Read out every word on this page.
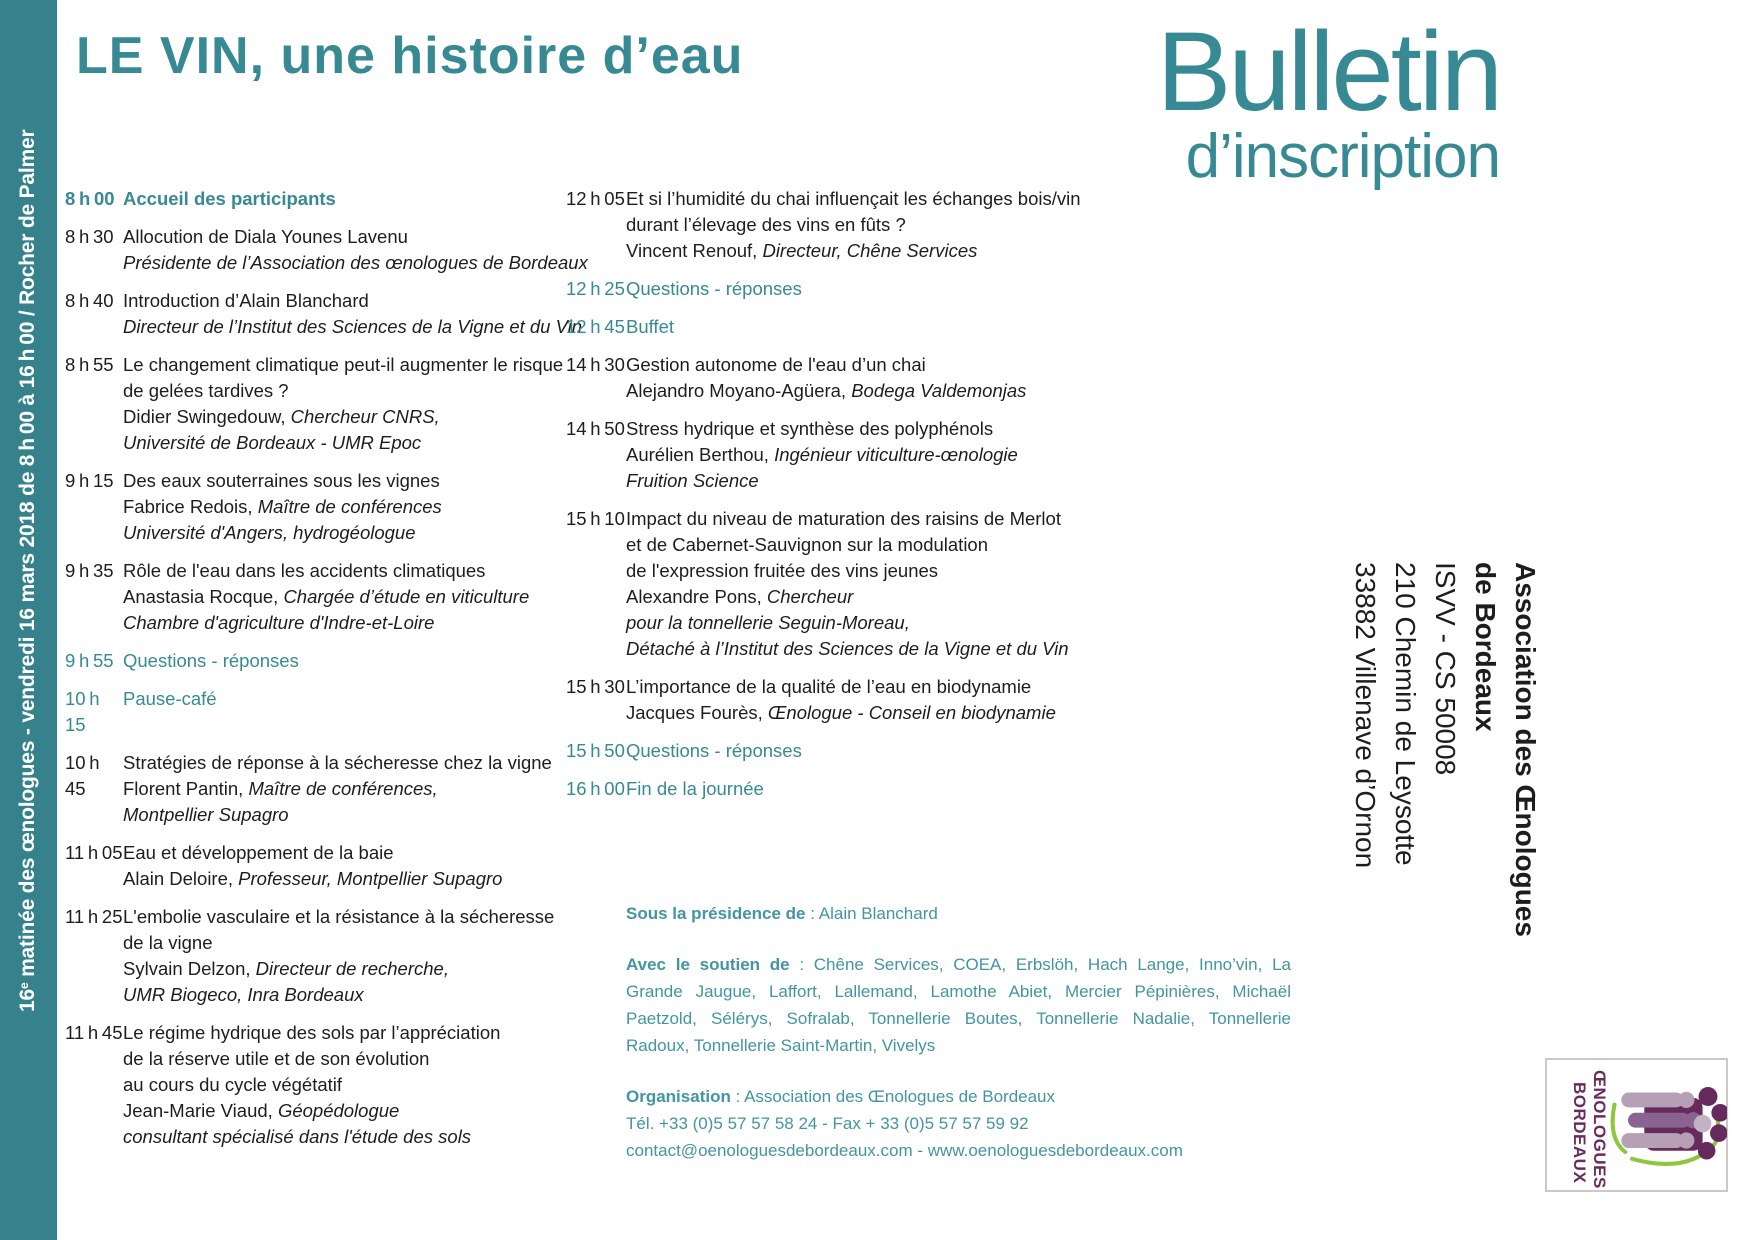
16e matinée des œnologues - vendredi 16 mars 2018 de 8 h 00 à 16 h 00 / Rocher de Palmer
LE VIN, une histoire d’eau	Bulletin
d’inscription
8 h 00 Accueil des participants
8 h 30 Allocution de Diala Younes Lavenu
Présidente de l’Association des œnologues de Bordeaux
8 h 40 Introduction d’Alain Blanchard
Directeur de l’Institut des Sciences de la Vigne et du Vin
8 h 55 Le changement climatique peut-il augmenter le risque
de gelées tardives ?
Didier Swingedouw, Chercheur CNRS,
Université de Bordeaux - UMR Epoc
9 h 15 Des eaux souterraines sous les vignes
Fabrice Redois, Maître de conférences
Université d'Angers, hydrogéologue
9 h 35 Rôle de l'eau dans les accidents climatiques
Anastasia Rocque, Chargée d’étude en viticulture
Chambre d'agriculture d'Indre-et-Loire
9 h 55 Questions - réponses
10 h 15
Pause-café
10 h 45
Stratégies de réponse à la sécheresse chez la vigne
Florent Pantin, Maître de conférences,
Montpellier Supagro
11 h 05 Eau et développement de la baie
Alain Deloire, Professeur, Montpellier Supagro
11 h 25 L'embolie vasculaire et la résistance à la sécheresse
de la vigne
Sylvain Delzon, Directeur de recherche,
UMR Biogeco, Inra Bordeaux
11 h 45 Le régime hydrique des sols par l’appréciation
de la réserve utile et de son évolution
au cours du cycle végétatif
Jean-Marie Viaud, Géopédologue
consultant spécialisé dans l'étude des sols
12 h 05 Et si l’humidité du chai influençait les échanges bois/vin
durant l’élevage des vins en fûts ?
Vincent Renouf, Directeur, Chêne Services
12 h 25 Questions - réponses
12 h 45 Buffet
14 h 30 Gestion autonome de l'eau d’un chai
Alejandro Moyano-Agüera, Bodega Valdemonjas
14 h 50 Stress hydrique et synthèse des polyphénols
Aurélien Berthou, Ingénieur viticulture-œnologie
Fruition Science
15 h 10 Impact du niveau de maturation des raisins de Merlot
et de Cabernet-Sauvignon sur la modulation
de l'expression fruitée des vins jeunes
Alexandre Pons, Chercheur
pour la tonnellerie Seguin-Moreau,
Détaché à l’Institut des Sciences de la Vigne et du Vin
15 h 30 L’importance de la qualité de l’eau en biodynamie
Jacques Fourès, Œnologue - Conseil en biodynamie
15 h 50 Questions - réponses
16 h 00 Fin de la journée

Sous la présidence de : Alain Blanchard

Avec le soutien de : Chêne Services, COEA, Erbslöh, Hach Lange, Inno’vin, La Grande Jaugue, Laffort, Lallemand, Lamothe Abiet, Mercier Pépinières, Michaël Paetzold, Sélérys, Sofralab, Tonnellerie Boutes, Tonnellerie Nadalie, Tonnellerie Radoux, Tonnellerie Saint-Martin, Vivelys

Organisation : Association des Œnologues de Bordeaux
Tél. +33 (0)5 57 57 58 24 - Fax + 33 (0)5 57 57 59 92
contact@oenologuesdebordeaux.com - www.oenologuesdebordeaux.com

Association des Œnologues
de Bordeaux
ISVV - CS 50008
210 Chemin de Leysotte
33882 Villenave d’Ornon
ŒNOLOGUES
BORDEAUX
